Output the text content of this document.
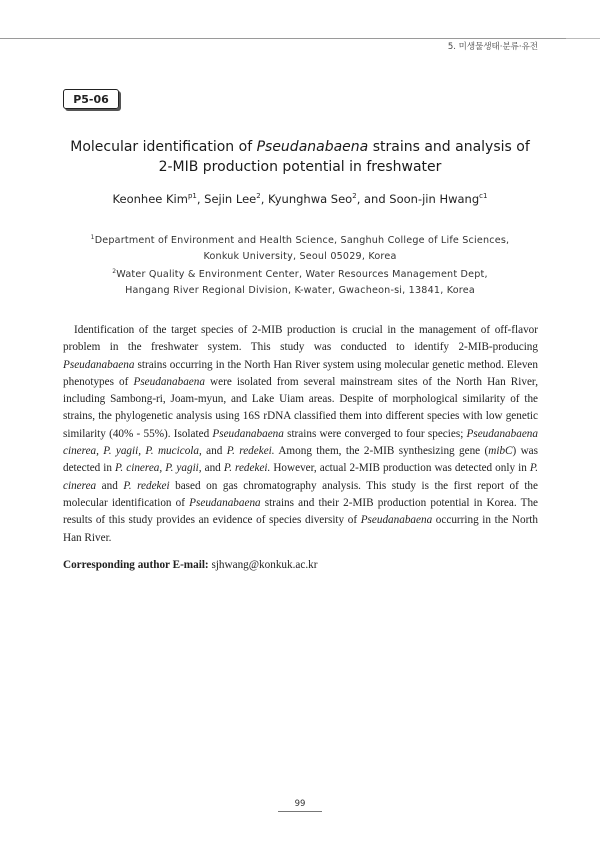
5. 미생물생태·분류·유전
P5-06
Molecular identification of Pseudanabaena strains and analysis of
2-MIB production potential in freshwater
Keonhee Kim$^{p1}$, Sejin Lee$^2$, Kyunghwa Seo$^2$, and Soon-jin Hwang$^{c1}$
$^1$Department of Environment and Health Science, Sanghuh College of Life Sciences,
Konkuk University, Seoul 05029, Korea
$^2$Water Quality & Environment Center, Water Resources Management Dept,
Hangang River Regional Division, K-water, Gwacheon-si, 13841, Korea

Identification of the target species of 2-MIB production is crucial in the management of off-flavor problem in the freshwater system. This study was conducted to identify 2-MIB-producing Pseudanabaena strains occurring in the North Han River system using molecular genetic method. Eleven phenotypes of Pseudanabaena were isolated from several mainstream sites of the North Han River, including Sambong-ri, Joam-myun, and Lake Uiam areas. Despite of morphological similarity of the strains, the phylogenetic analysis using 16S rDNA classified them into different species with low genetic similarity (40% - 55%). Isolated Pseudanabaena strains were converged to four species; Pseudanabaena cinerea, P. yagii, P. mucicola, and P. redekei. Among them, the 2-MIB synthesizing gene (mibC) was detected in P. cinerea, P. yagii, and P. redekei. However, actual 2-MIB production was detected only in P. cinerea and P. redekei based on gas chromatography analysis. This study is the first report of the molecular identification of Pseudanabaena strains and their 2-MIB production potential in Korea. The results of this study provides an evidence of species diversity of Pseudanabaena occurring in the North Han River.

Corresponding author E-mail: sjhwang@konkuk.ac.kr
99
